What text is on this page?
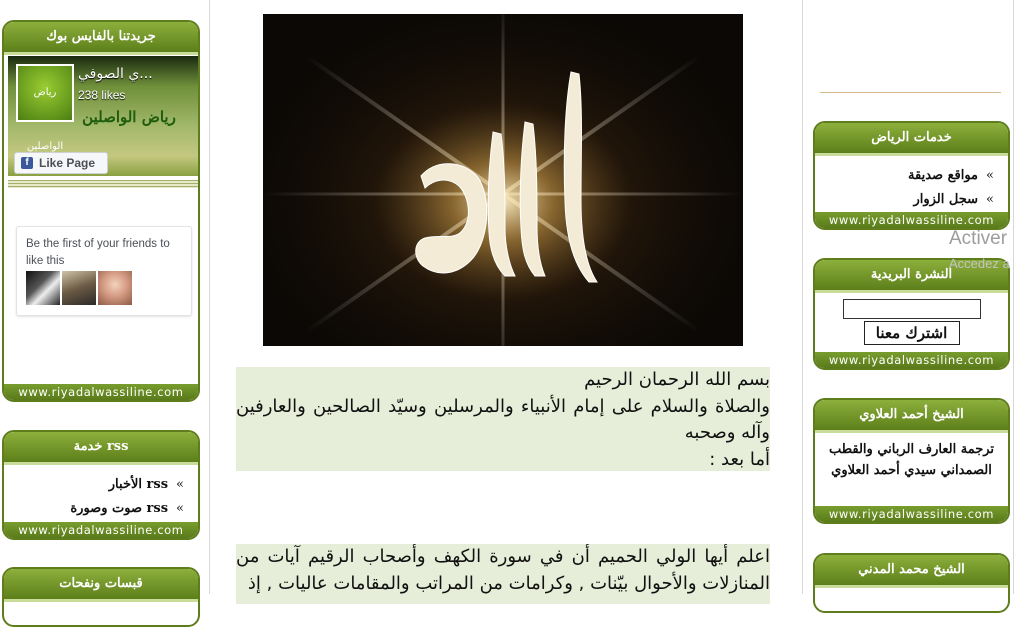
جريدتنا بالفايس بوك
رياض الواصلين
...ي الصوفي
238 likes
رياض الواصلين
f Like Page
Be the first of your friends to like this
www.riyadalwassiline.com
خدمة rss
»rss الأخبار
»rss صوت وصورة
www.riyadalwassiline.com
قبسات ونفحات

بسم الله الرحمان الرحيم

والصلاة والسلام على إمام الأنبياء والمرسلين وسيّد الصالحين والعارفين وآله وصحبه

أما بعد :

اعلم أيها الولي الحميم أن في سورة الكهف وأصحاب الرقيم آيات من المنازلات والأحوال بيّنات , وكرامات من المراتب والمقامات عاليات , إذ

خدمات الرياض
»مواقع صديقة
»سجل الزوار
www.riyadalwassiline.com
النشرة البريدية
اشترك معنا
www.riyadalwassiline.com
الشيخ أحمد العلاوي
ترجمة العارف الرباني والقطب الصمداني سيدي أحمد العلاوي
www.riyadalwassiline.com
الشيخ محمد المدني
Activer
Accedez a
